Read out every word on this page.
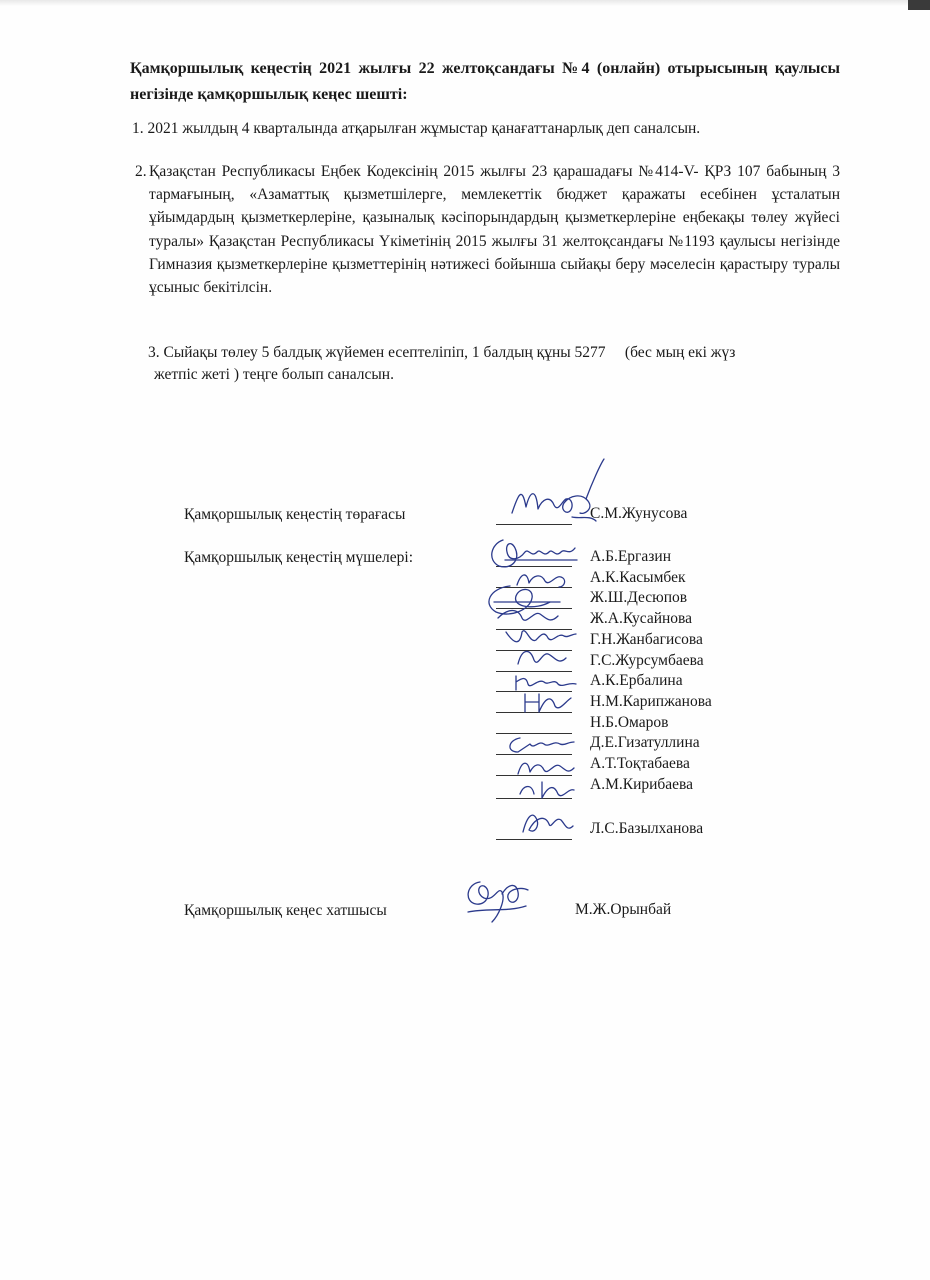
Қамқоршылық кеңестің 2021 жылғы 22 желтоқсандағы №4 (онлайн) отырысының қаулысы негізінде қамқоршылық кеңес шешті:
1. 2021 жылдың 4 кварталында атқарылған жұмыстар қанағаттанарлық деп саналсын.
2. Қазақстан Республикасы Еңбек Кодексінің 2015 жылғы 23 қарашадағы №414-V- ҚРЗ 107 бабының 3 тармағының, «Азаматтық қызметшілерге, мемлекеттік бюджет қаражаты есебінен ұсталатын ұйымдардың қызметкерлеріне, қазыналық кәсіпорындардың қызметкерлеріне еңбекақы төлеу жүйесі туралы» Қазақстан Республикасы Үкіметінің 2015 жылғы 31 желтоқсандағы №1193 қаулысы негізінде Гимназия қызметкерлеріне қызметтерінің нәтижесі бойынша сыйақы беру мәселесін қарастыру туралы ұсыныс бекітілсін.
3. Сыйақы төлеу 5 балдық жүйемен есептеліпіп, 1 балдың құны 5277     (бес мың екі жүз
жетпіс жеті ) теңге болып саналсын.
Қамқоршылық кеңестің төрағасы	С.М.Жунусова
Қамқоршылық кеңестің мүшелері:	А.Б.Ергазин
А.К.Касымбек
Ж.Ш.Десюпов
Ж.А.Кусайнова
Г.Н.Жанбагисова
Г.С.Журсумбаева
А.К.Ербалина
Н.М.Карипжанова
Н.Б.Омаров
Д.Е.Гизатуллина
А.Т.Тоқтабаева
А.М.Кирибаева
Л.С.Базылханова
Қамқоршылық кеңес хатшысы	М.Ж.Орынбай
